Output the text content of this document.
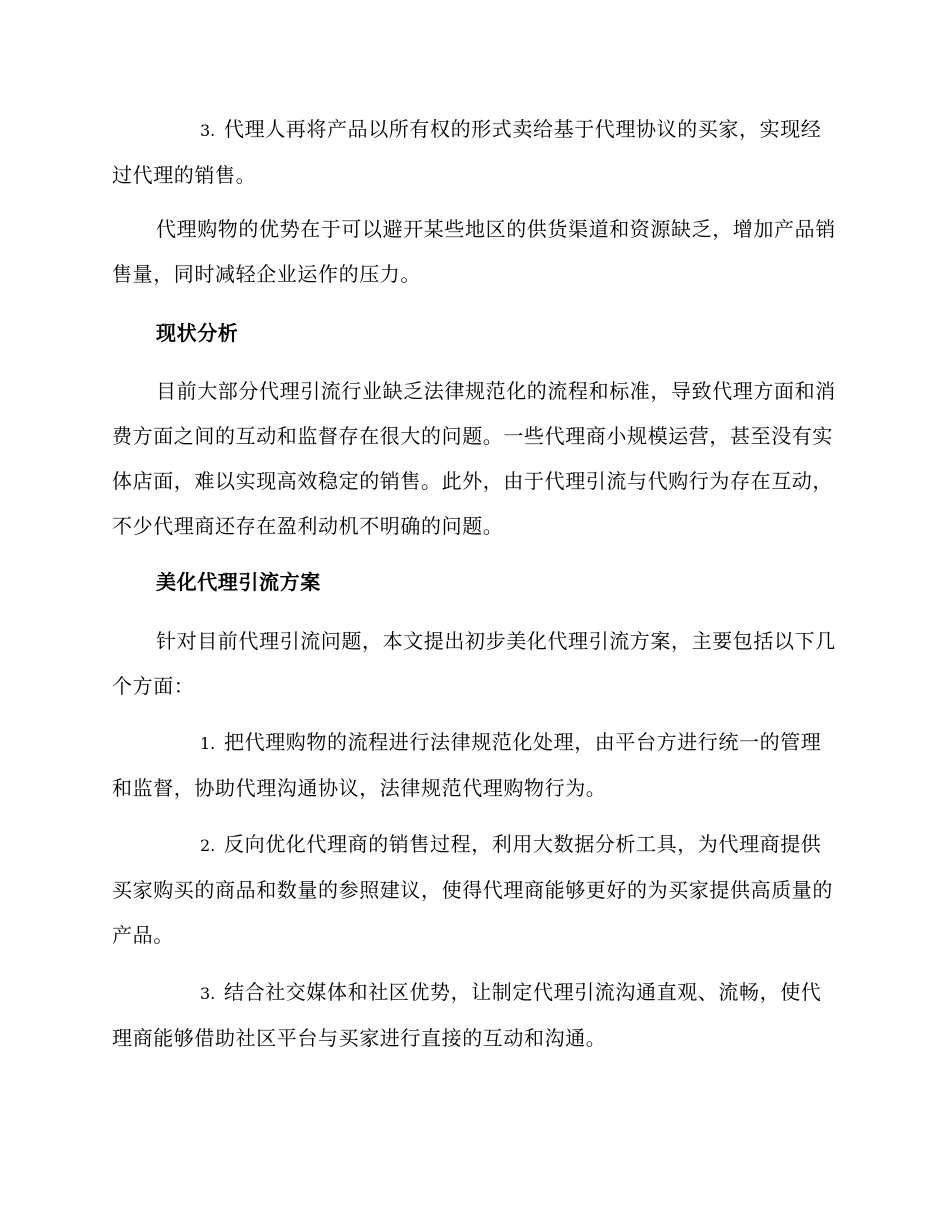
3. 代理人再将产品以所有权的形式卖给基于代理协议的买家，实现经过代理的销售。
代理购物的优势在于可以避开某些地区的供货渠道和资源缺乏，增加产品销售量，同时减轻企业运作的压力。
现状分析
目前大部分代理引流行业缺乏法律规范化的流程和标准，导致代理方面和消费方面之间的互动和监督存在很大的问题。一些代理商小规模运营，甚至没有实体店面，难以实现高效稳定的销售。此外，由于代理引流与代购行为存在互动，不少代理商还存在盈利动机不明确的问题。
美化代理引流方案
针对目前代理引流问题，本文提出初步美化代理引流方案，主要包括以下几个方面：
1. 把代理购物的流程进行法律规范化处理，由平台方进行统一的管理和监督，协助代理沟通协议，法律规范代理购物行为。
2. 反向优化代理商的销售过程，利用大数据分析工具，为代理商提供买家购买的商品和数量的参照建议，使得代理商能够更好的为买家提供高质量的产品。
3. 结合社交媒体和社区优势，让制定代理引流沟通直观、流畅，使代理商能够借助社区平台与买家进行直接的互动和沟通。
